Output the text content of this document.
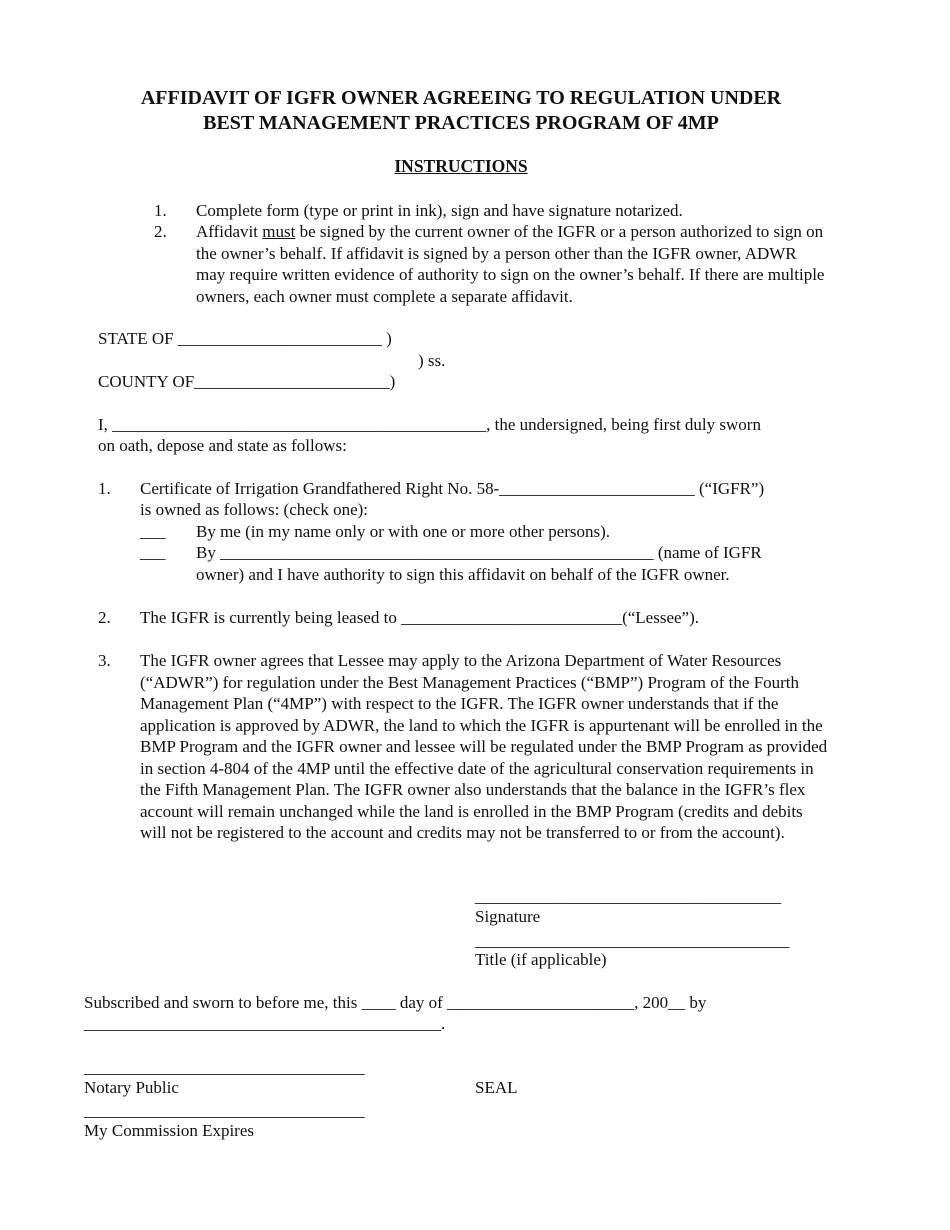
AFFIDAVIT OF IGFR OWNER AGREEING TO REGULATION UNDER
BEST MANAGEMENT PRACTICES PROGRAM OF 4MP
INSTRUCTIONS
1. Complete form (type or print in ink), sign and have signature notarized.
2. Affidavit must be signed by the current owner of the IGFR or a person authorized to sign on the owner’s behalf. If affidavit is signed by a person other than the IGFR owner, ADWR may require written evidence of authority to sign on the owner’s behalf. If there are multiple owners, each owner must complete a separate affidavit.
STATE OF ________________________ )
) ss.
COUNTY OF_______________________)
I, ____________________________________________, the undersigned, being first duly sworn
on oath, depose and state as follows:
1. Certificate of Irrigation Grandfathered Right No. 58-_______________________ (“IGFR”)
is owned as follows: (check one):
___ By me (in my name only or with one or more other persons).
___ By ___________________________________________________ (name of IGFR
owner) and I have authority to sign this affidavit on behalf of the IGFR owner.
2. The IGFR is currently being leased to __________________________(“Lessee”).
3. The IGFR owner agrees that Lessee may apply to the Arizona Department of Water Resources (“ADWR”) for regulation under the Best Management Practices (“BMP”) Program of the Fourth Management Plan (“4MP”) with respect to the IGFR. The IGFR owner understands that if the application is approved by ADWR, the land to which the IGFR is appurtenant will be enrolled in the BMP Program and the IGFR owner and lessee will be regulated under the BMP Program as provided in section 4-804 of the 4MP until the effective date of the agricultural conservation requirements in the Fifth Management Plan. The IGFR owner also understands that the balance in the IGFR’s flex account will remain unchanged while the land is enrolled in the BMP Program (credits and debits will not be registered to the account and credits may not be transferred to or from the account).
____________________________________
Signature
_____________________________________
Title (if applicable)
Subscribed and sworn to before me, this ____ day of ______________________, 200__ by
__________________________________________.
_________________________________
Notary Public	SEAL
_________________________________
My Commission Expires
